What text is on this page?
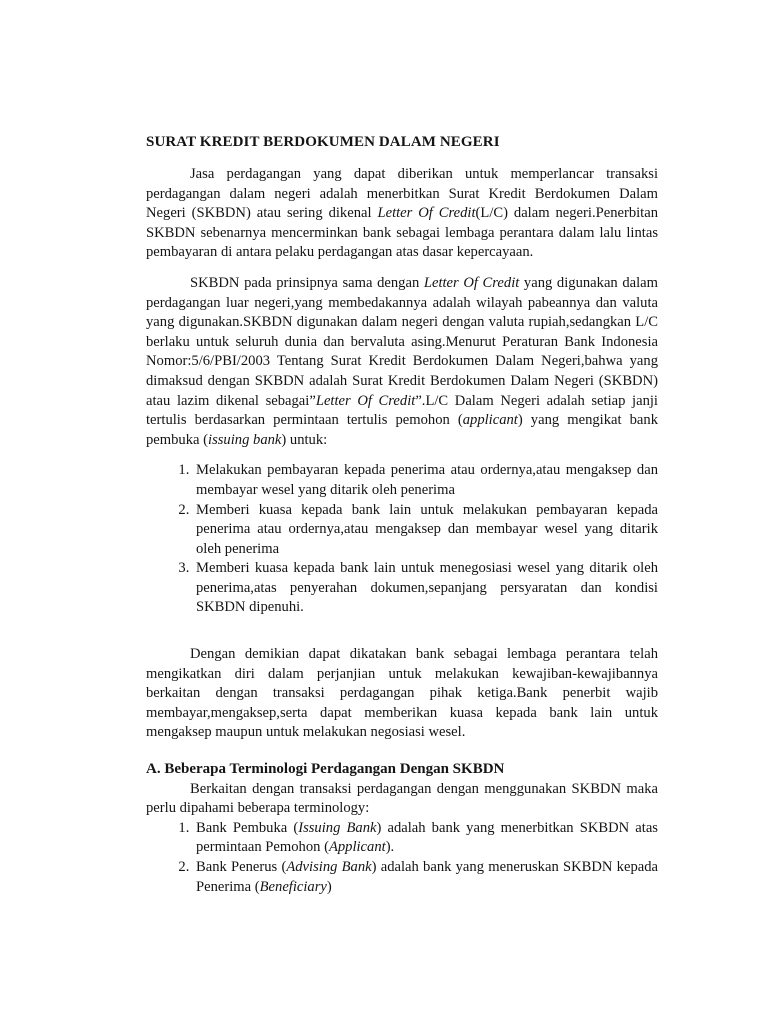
SURAT KREDIT BERDOKUMEN DALAM NEGERI

Jasa perdagangan yang dapat diberikan untuk memperlancar transaksi perdagangan dalam negeri adalah menerbitkan Surat Kredit Berdokumen Dalam Negeri (SKBDN) atau sering dikenal Letter Of Credit(L/C) dalam negeri.Penerbitan SKBDN sebenarnya mencerminkan bank sebagai lembaga perantara dalam lalu lintas pembayaran di antara pelaku perdagangan atas dasar kepercayaan.

SKBDN pada prinsipnya sama dengan Letter Of Credit yang digunakan dalam perdagangan luar negeri,yang membedakannya adalah wilayah pabeannya dan valuta yang digunakan.SKBDN digunakan dalam negeri dengan valuta rupiah,sedangkan L/C berlaku untuk seluruh dunia dan bervaluta asing.Menurut Peraturan Bank Indonesia Nomor:5/6/PBI/2003 Tentang Surat Kredit Berdokumen Dalam Negeri,bahwa yang dimaksud dengan SKBDN adalah Surat Kredit Berdokumen Dalam Negeri (SKBDN) atau lazim dikenal sebagai”Letter Of Credit”.L/C Dalam Negeri adalah setiap janji tertulis berdasarkan permintaan tertulis pemohon (applicant) yang mengikat bank pembuka (issuing bank) untuk:

1. Melakukan pembayaran kepada penerima atau ordernya,atau mengaksep dan membayar wesel yang ditarik oleh penerima
2. Memberi kuasa kepada bank lain untuk melakukan pembayaran kepada penerima atau ordernya,atau mengaksep dan membayar wesel yang ditarik oleh penerima
3. Memberi kuasa kepada bank lain untuk menegosiasi wesel yang ditarik oleh penerima,atas penyerahan dokumen,sepanjang persyaratan dan kondisi SKBDN dipenuhi.

Dengan demikian dapat dikatakan bank sebagai lembaga perantara telah mengikatkan diri dalam perjanjian untuk melakukan kewajiban-kewajibannya berkaitan dengan transaksi perdagangan pihak ketiga.Bank penerbit wajib membayar,mengaksep,serta dapat memberikan kuasa kepada bank lain untuk mengaksep maupun untuk melakukan negosiasi wesel.

A. Beberapa Terminologi Perdagangan Dengan SKBDN

Berkaitan dengan transaksi perdagangan dengan menggunakan SKBDN maka perlu dipahami beberapa terminology:

1. Bank Pembuka (Issuing Bank) adalah bank yang menerbitkan SKBDN atas permintaan Pemohon (Applicant).
2. Bank Penerus (Advising Bank) adalah bank yang meneruskan SKBDN kepada Penerima (Beneficiary)
